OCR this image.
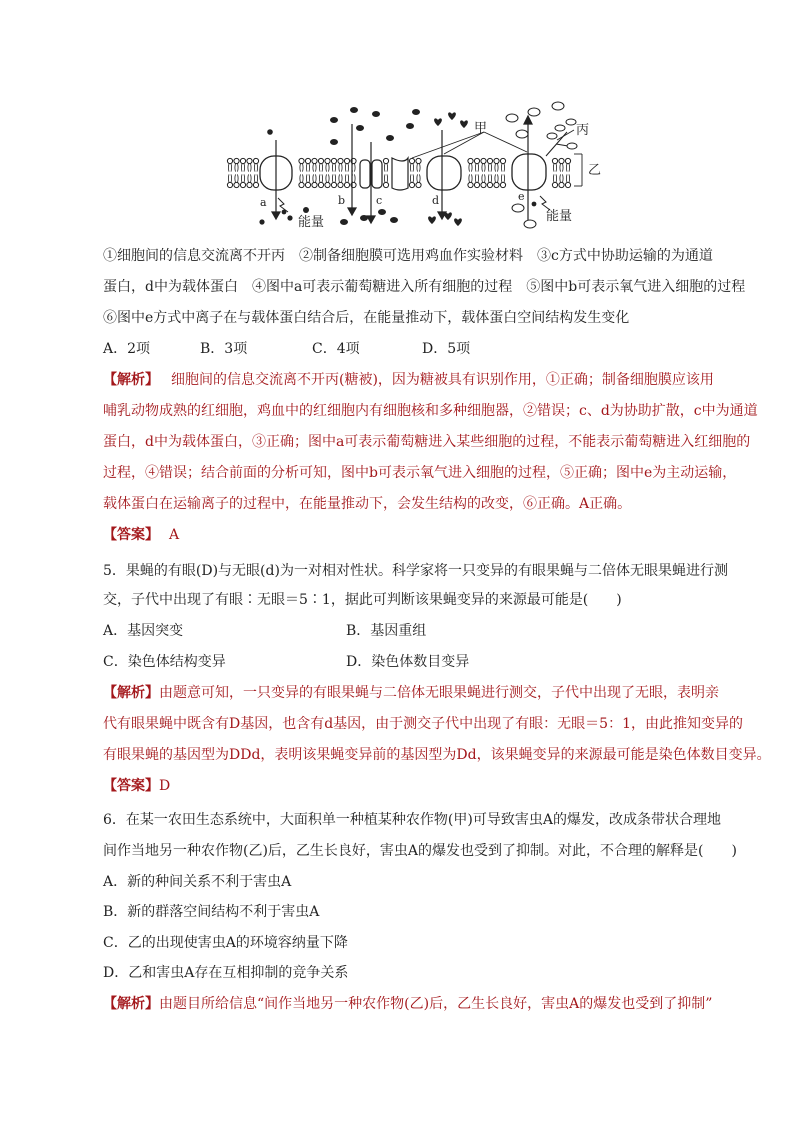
a	b	c	d	e
甲	丙
乙
能量	能量
①细胞间的信息交流离不开丙　②制备细胞膜可选用鸡血作实验材料　③c方式中协助运输的为通道
蛋白，d中为载体蛋白　④图中a可表示葡萄糖进入所有细胞的过程　⑤图中b可表示氧气进入细胞的过程
⑥图中e方式中离子在与载体蛋白结合后，在能量推动下，载体蛋白空间结构发生变化
A．2项	B．3项	C．4项	D．5项
【解析】 细胞间的信息交流离不开丙(糖被)，因为糖被具有识别作用，①正确；制备细胞膜应该用
哺乳动物成熟的红细胞，鸡血中的红细胞内有细胞核和多种细胞器，②错误；c、d为协助扩散，c中为通道
蛋白，d中为载体蛋白，③正确；图中a可表示葡萄糖进入某些细胞的过程，不能表示葡萄糖进入红细胞的
过程，④错误；结合前面的分析可知，图中b可表示氧气进入细胞的过程，⑤正确；图中e为主动运输，
载体蛋白在运输离子的过程中，在能量推动下，会发生结构的改变，⑥正确。A正确。
【答案】 A
5．果蝇的有眼(D)与无眼(d)为一对相对性状。科学家将一只变异的有眼果蝇与二倍体无眼果蝇进行测
交，子代中出现了有眼∶无眼＝5∶1，据此可判断该果蝇变异的来源最可能是(　　)
A．基因突变	B．基因重组
C．染色体结构变异	D．染色体数目变异
【解析】由题意可知，一只变异的有眼果蝇与二倍体无眼果蝇进行测交，子代中出现了无眼，表明亲
代有眼果蝇中既含有D基因，也含有d基因，由于测交子代中出现了有眼：无眼＝5：1，由此推知变异的
有眼果蝇的基因型为DDd，表明该果蝇变异前的基因型为Dd，该果蝇变异的来源最可能是染色体数目变异。
【答案】D
6．在某一农田生态系统中，大面积单一种植某种农作物(甲)可导致害虫A的爆发，改成条带状合理地
间作当地另一种农作物(乙)后，乙生长良好，害虫A的爆发也受到了抑制。对此，不合理的解释是(　　)
A．新的种间关系不利于害虫A
B．新的群落空间结构不利于害虫A
C．乙的出现使害虫A的环境容纳量下降
D．乙和害虫A存在互相抑制的竞争关系
【解析】由题目所给信息“间作当地另一种农作物(乙)后，乙生长良好，害虫A的爆发也受到了抑制”
